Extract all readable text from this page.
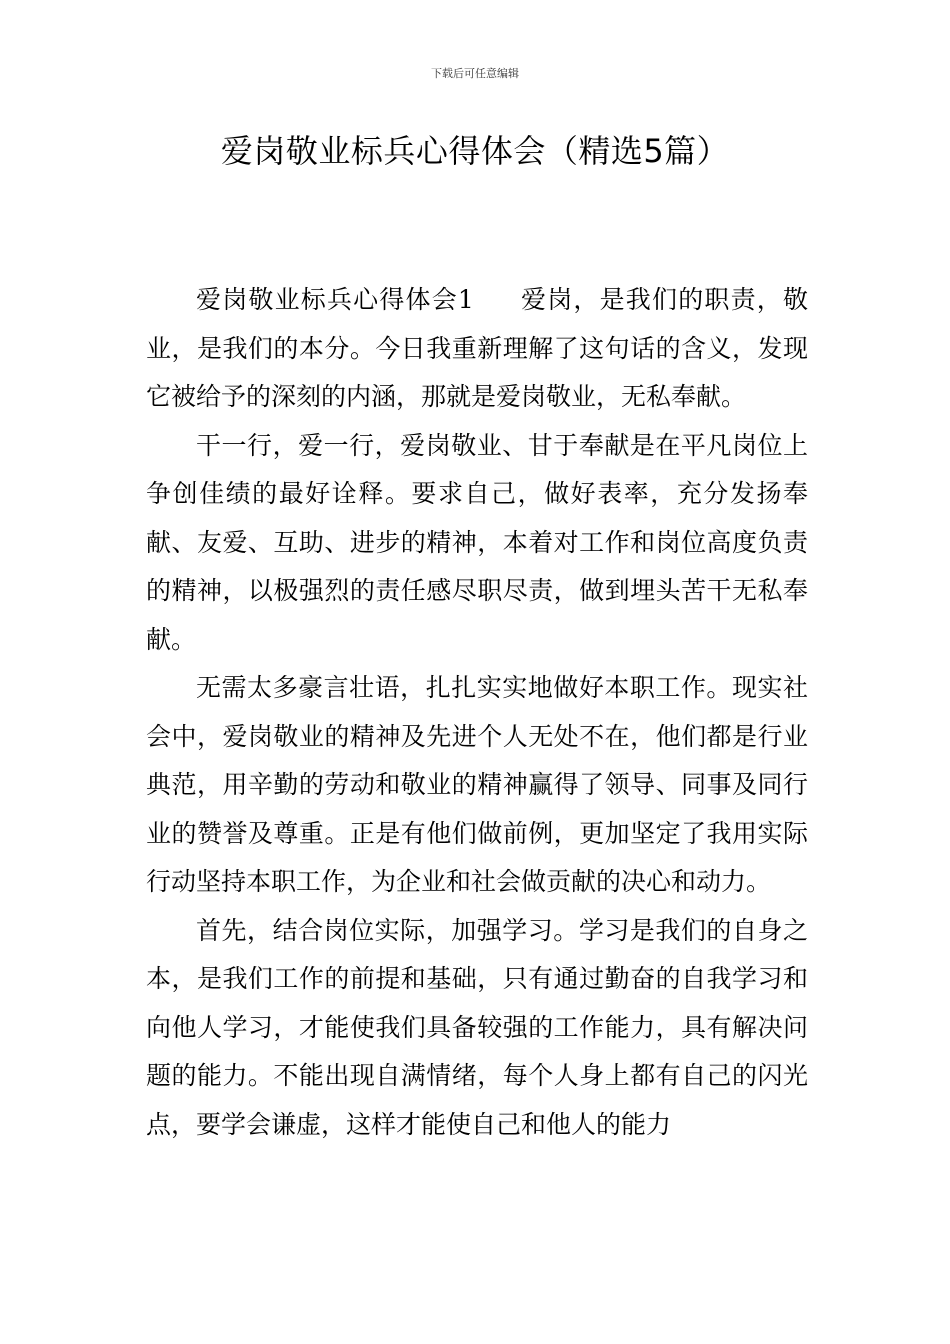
下载后可任意编辑
爱岗敬业标兵心得体会（精选5篇）

爱岗敬业标兵心得体会1 爱岗，是我们的职责，敬业，是我们的本分。今日我重新理解了这句话的含义，发现它被给予的深刻的内涵，那就是爱岗敬业，无私奉献。

干一行，爱一行，爱岗敬业、甘于奉献是在平凡岗位上争创佳绩的最好诠释。要求自己，做好表率，充分发扬奉献、友爱、互助、进步的精神，本着对工作和岗位高度负责的精神，以极强烈的责任感尽职尽责，做到埋头苦干无私奉献。

无需太多豪言壮语，扎扎实实地做好本职工作。现实社会中，爱岗敬业的精神及先进个人无处不在，他们都是行业典范，用辛勤的劳动和敬业的精神赢得了领导、同事及同行业的赞誉及尊重。正是有他们做前例，更加坚定了我用实际行动坚持本职工作，为企业和社会做贡献的决心和动力。

首先，结合岗位实际，加强学习。学习是我们的自身之本，是我们工作的前提和基础，只有通过勤奋的自我学习和向他人学习，才能使我们具备较强的工作能力，具有解决问题的能力。不能出现自满情绪，每个人身上都有自己的闪光点，要学会谦虚，这样才能使自己和他人的能力
